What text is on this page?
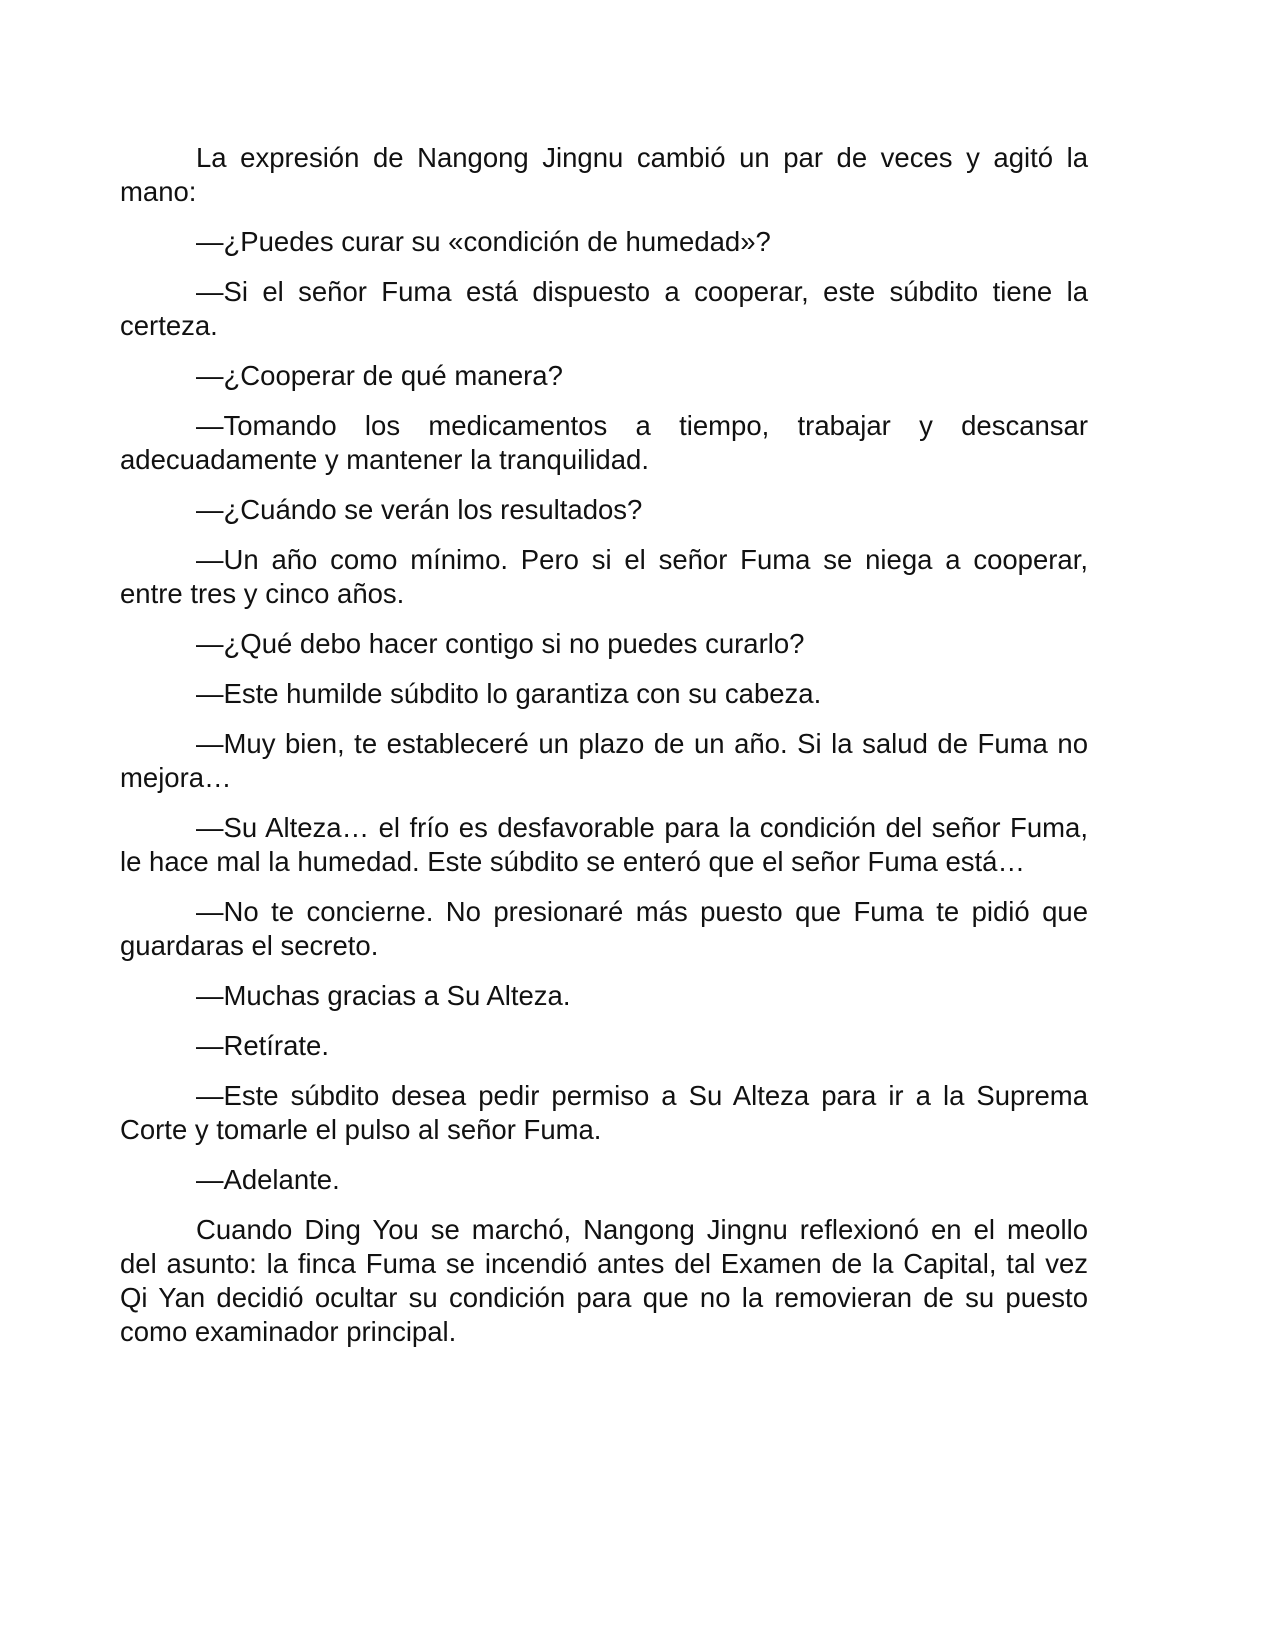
La expresión de Nangong Jingnu cambió un par de veces y agitó la mano:

—¿Puedes curar su «condición de humedad»?

—Si el señor Fuma está dispuesto a cooperar, este súbdito tiene la certeza.

—¿Cooperar de qué manera?

—Tomando los medicamentos a tiempo, trabajar y descansar adecuadamente y mantener la tranquilidad.

—¿Cuándo se verán los resultados?

—Un año como mínimo. Pero si el señor Fuma se niega a cooperar, entre tres y cinco años.

—¿Qué debo hacer contigo si no puedes curarlo?

—Este humilde súbdito lo garantiza con su cabeza.

—Muy bien, te estableceré un plazo de un año. Si la salud de Fuma no mejora…

—Su Alteza… el frío es desfavorable para la condición del señor Fuma, le hace mal la humedad. Este súbdito se enteró que el señor Fuma está…

—No te concierne. No presionaré más puesto que Fuma te pidió que guardaras el secreto.

—Muchas gracias a Su Alteza.

—Retírate.

—Este súbdito desea pedir permiso a Su Alteza para ir a la Suprema Corte y tomarle el pulso al señor Fuma.

—Adelante.

Cuando Ding You se marchó, Nangong Jingnu reflexionó en el meollo del asunto: la finca Fuma se incendió antes del Examen de la Capital, tal vez Qi Yan decidió ocultar su condición para que no la removieran de su puesto como examinador principal.
